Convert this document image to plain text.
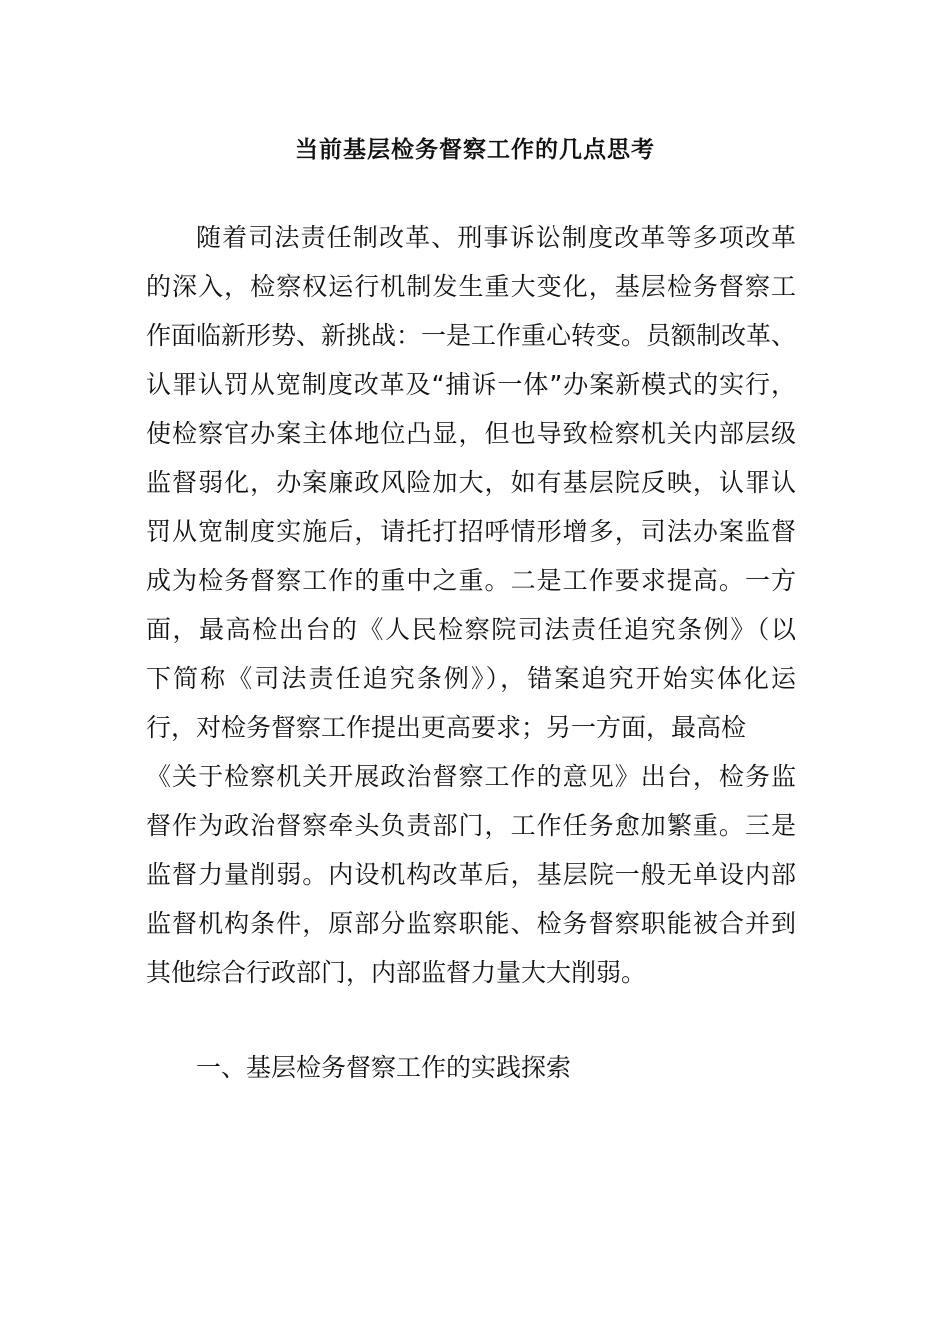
当前基层检务督察工作的几点思考
随着司法责任制改革、刑事诉讼制度改革等多项改革
的深入，检察权运行机制发生重大变化，基层检务督察工
作面临新形势、新挑战：一是工作重心转变。员额制改革、
认罪认罚从宽制度改革及“捕诉一体”办案新模式的实行，
使检察官办案主体地位凸显，但也导致检察机关内部层级
监督弱化，办案廉政风险加大，如有基层院反映，认罪认
罚从宽制度实施后，请托打招呼情形增多，司法办案监督
成为检务督察工作的重中之重。二是工作要求提高。一方
面，最高检出台的《人民检察院司法责任追究条例》（以
下简称《司法责任追究条例》），错案追究开始实体化运
行，对检务督察工作提出更高要求；另一方面，最高检
《关于检察机关开展政治督察工作的意见》出台，检务监
督作为政治督察牵头负责部门，工作任务愈加繁重。三是
监督力量削弱。内设机构改革后，基层院一般无单设内部
监督机构条件，原部分监察职能、检务督察职能被合并到
其他综合行政部门，内部监督力量大大削弱。
一、基层检务督察工作的实践探索
